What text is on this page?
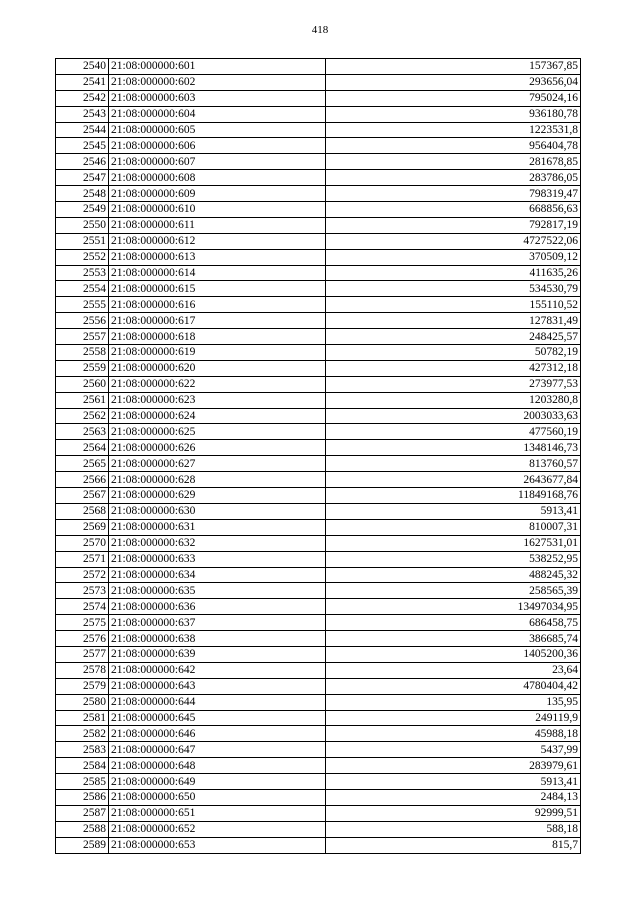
418
2540	21:08:000000:601	157367,85
2541	21:08:000000:602	293656,04
2542	21:08:000000:603	795024,16
2543	21:08:000000:604	936180,78
2544	21:08:000000:605	1223531,8
2545	21:08:000000:606	956404,78
2546	21:08:000000:607	281678,85
2547	21:08:000000:608	283786,05
2548	21:08:000000:609	798319,47
2549	21:08:000000:610	668856,63
2550	21:08:000000:611	792817,19
2551	21:08:000000:612	4727522,06
2552	21:08:000000:613	370509,12
2553	21:08:000000:614	411635,26
2554	21:08:000000:615	534530,79
2555	21:08:000000:616	155110,52
2556	21:08:000000:617	127831,49
2557	21:08:000000:618	248425,57
2558	21:08:000000:619	50782,19
2559	21:08:000000:620	427312,18
2560	21:08:000000:622	273977,53
2561	21:08:000000:623	1203280,8
2562	21:08:000000:624	2003033,63
2563	21:08:000000:625	477560,19
2564	21:08:000000:626	1348146,73
2565	21:08:000000:627	813760,57
2566	21:08:000000:628	2643677,84
2567	21:08:000000:629	11849168,76
2568	21:08:000000:630	5913,41
2569	21:08:000000:631	810007,31
2570	21:08:000000:632	1627531,01
2571	21:08:000000:633	538252,95
2572	21:08:000000:634	488245,32
2573	21:08:000000:635	258565,39
2574	21:08:000000:636	13497034,95
2575	21:08:000000:637	686458,75
2576	21:08:000000:638	386685,74
2577	21:08:000000:639	1405200,36
2578	21:08:000000:642	23,64
2579	21:08:000000:643	4780404,42
2580	21:08:000000:644	135,95
2581	21:08:000000:645	249119,9
2582	21:08:000000:646	45988,18
2583	21:08:000000:647	5437,99
2584	21:08:000000:648	283979,61
2585	21:08:000000:649	5913,41
2586	21:08:000000:650	2484,13
2587	21:08:000000:651	92999,51
2588	21:08:000000:652	588,18
2589	21:08:000000:653	815,7
